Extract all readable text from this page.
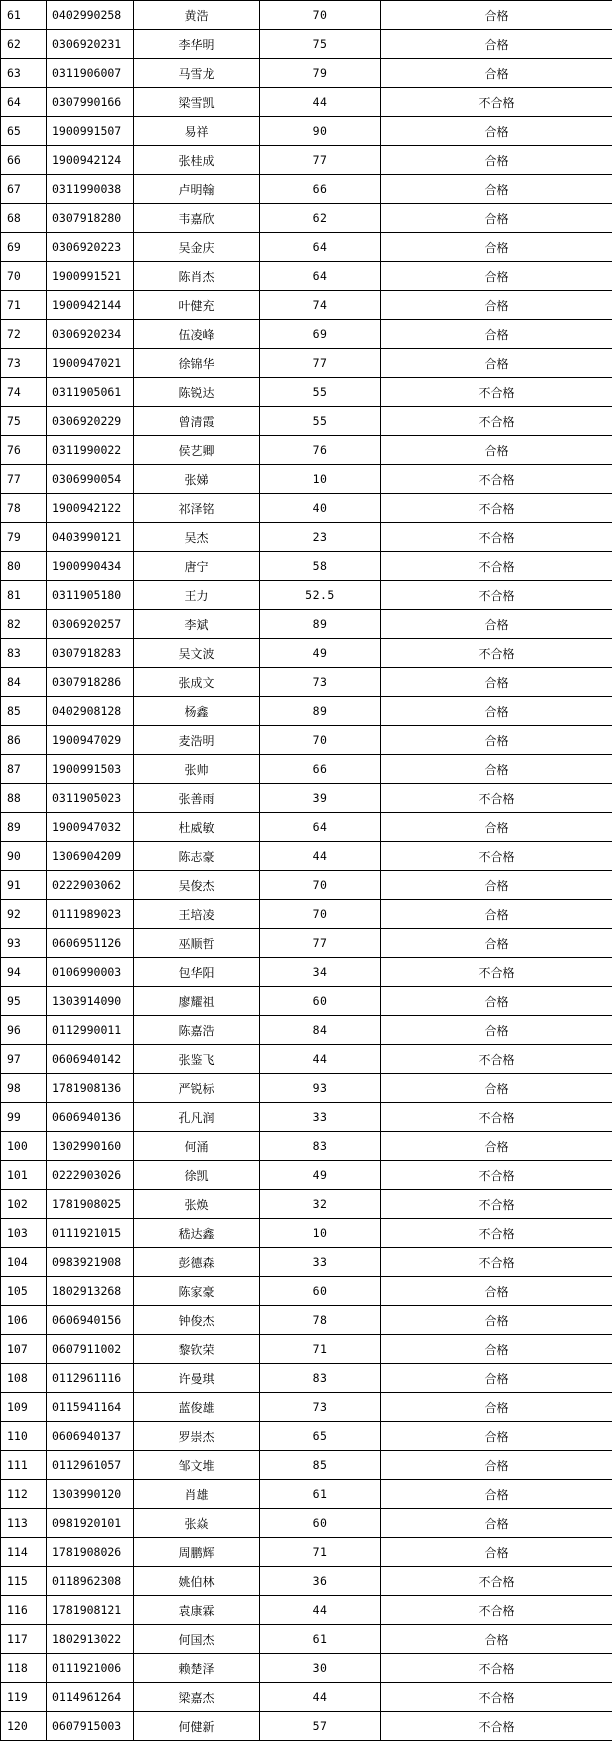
61	0402990258	黄浩	70	合格
62	0306920231	李华明	75	合格
63	0311906007	马雪龙	79	合格
64	0307990166	梁雪凯	44	不合格
65	1900991507	易祥	90	合格
66	1900942124	张桂成	77	合格
67	0311990038	卢明翰	66	合格
68	0307918280	韦嘉欣	62	合格
69	0306920223	吴金庆	64	合格
70	1900991521	陈肖杰	64	合格
71	1900942144	叶健充	74	合格
72	0306920234	伍凌峰	69	合格
73	1900947021	徐锦华	77	合格
74	0311905061	陈锐达	55	不合格
75	0306920229	曾清霞	55	不合格
76	0311990022	侯艺卿	76	合格
77	0306990054	张娣	10	不合格
78	1900942122	祁泽铭	40	不合格
79	0403990121	吴杰	23	不合格
80	1900990434	唐宁	58	不合格
81	0311905180	王力	52.5	不合格
82	0306920257	李斌	89	合格
83	0307918283	吴文波	49	不合格
84	0307918286	张成文	73	合格
85	0402908128	杨鑫	89	合格
86	1900947029	麦浩明	70	合格
87	1900991503	张帅	66	合格
88	0311905023	张善雨	39	不合格
89	1900947032	杜威敏	64	合格
90	1306904209	陈志豪	44	不合格
91	0222903062	吴俊杰	70	合格
92	0111989023	王培凌	70	合格
93	0606951126	巫顺哲	77	合格
94	0106990003	包华阳	34	不合格
95	1303914090	廖耀祖	60	合格
96	0112990011	陈嘉浩	84	合格
97	0606940142	张鉴飞	44	不合格
98	1781908136	严锐标	93	合格
99	0606940136	孔凡润	33	不合格
100	1302990160	何涌	83	合格
101	0222903026	徐凯	49	不合格
102	1781908025	张焕	32	不合格
103	0111921015	嵇达鑫	10	不合格
104	0983921908	彭德森	33	不合格
105	1802913268	陈家豪	60	合格
106	0606940156	钟俊杰	78	合格
107	0607911002	黎钦荣	71	合格
108	0112961116	许曼琪	83	合格
109	0115941164	蓝俊雄	73	合格
110	0606940137	罗崇杰	65	合格
111	0112961057	邹文堆	85	合格
112	1303990120	肖雄	61	合格
113	0981920101	张焱	60	合格
114	1781908026	周鹏辉	71	合格
115	0118962308	姚伯林	36	不合格
116	1781908121	袁康霖	44	不合格
117	1802913022	何国杰	61	合格
118	0111921006	赖楚泽	30	不合格
119	0114961264	梁嘉杰	44	不合格
120	0607915003	何健新	57	不合格
